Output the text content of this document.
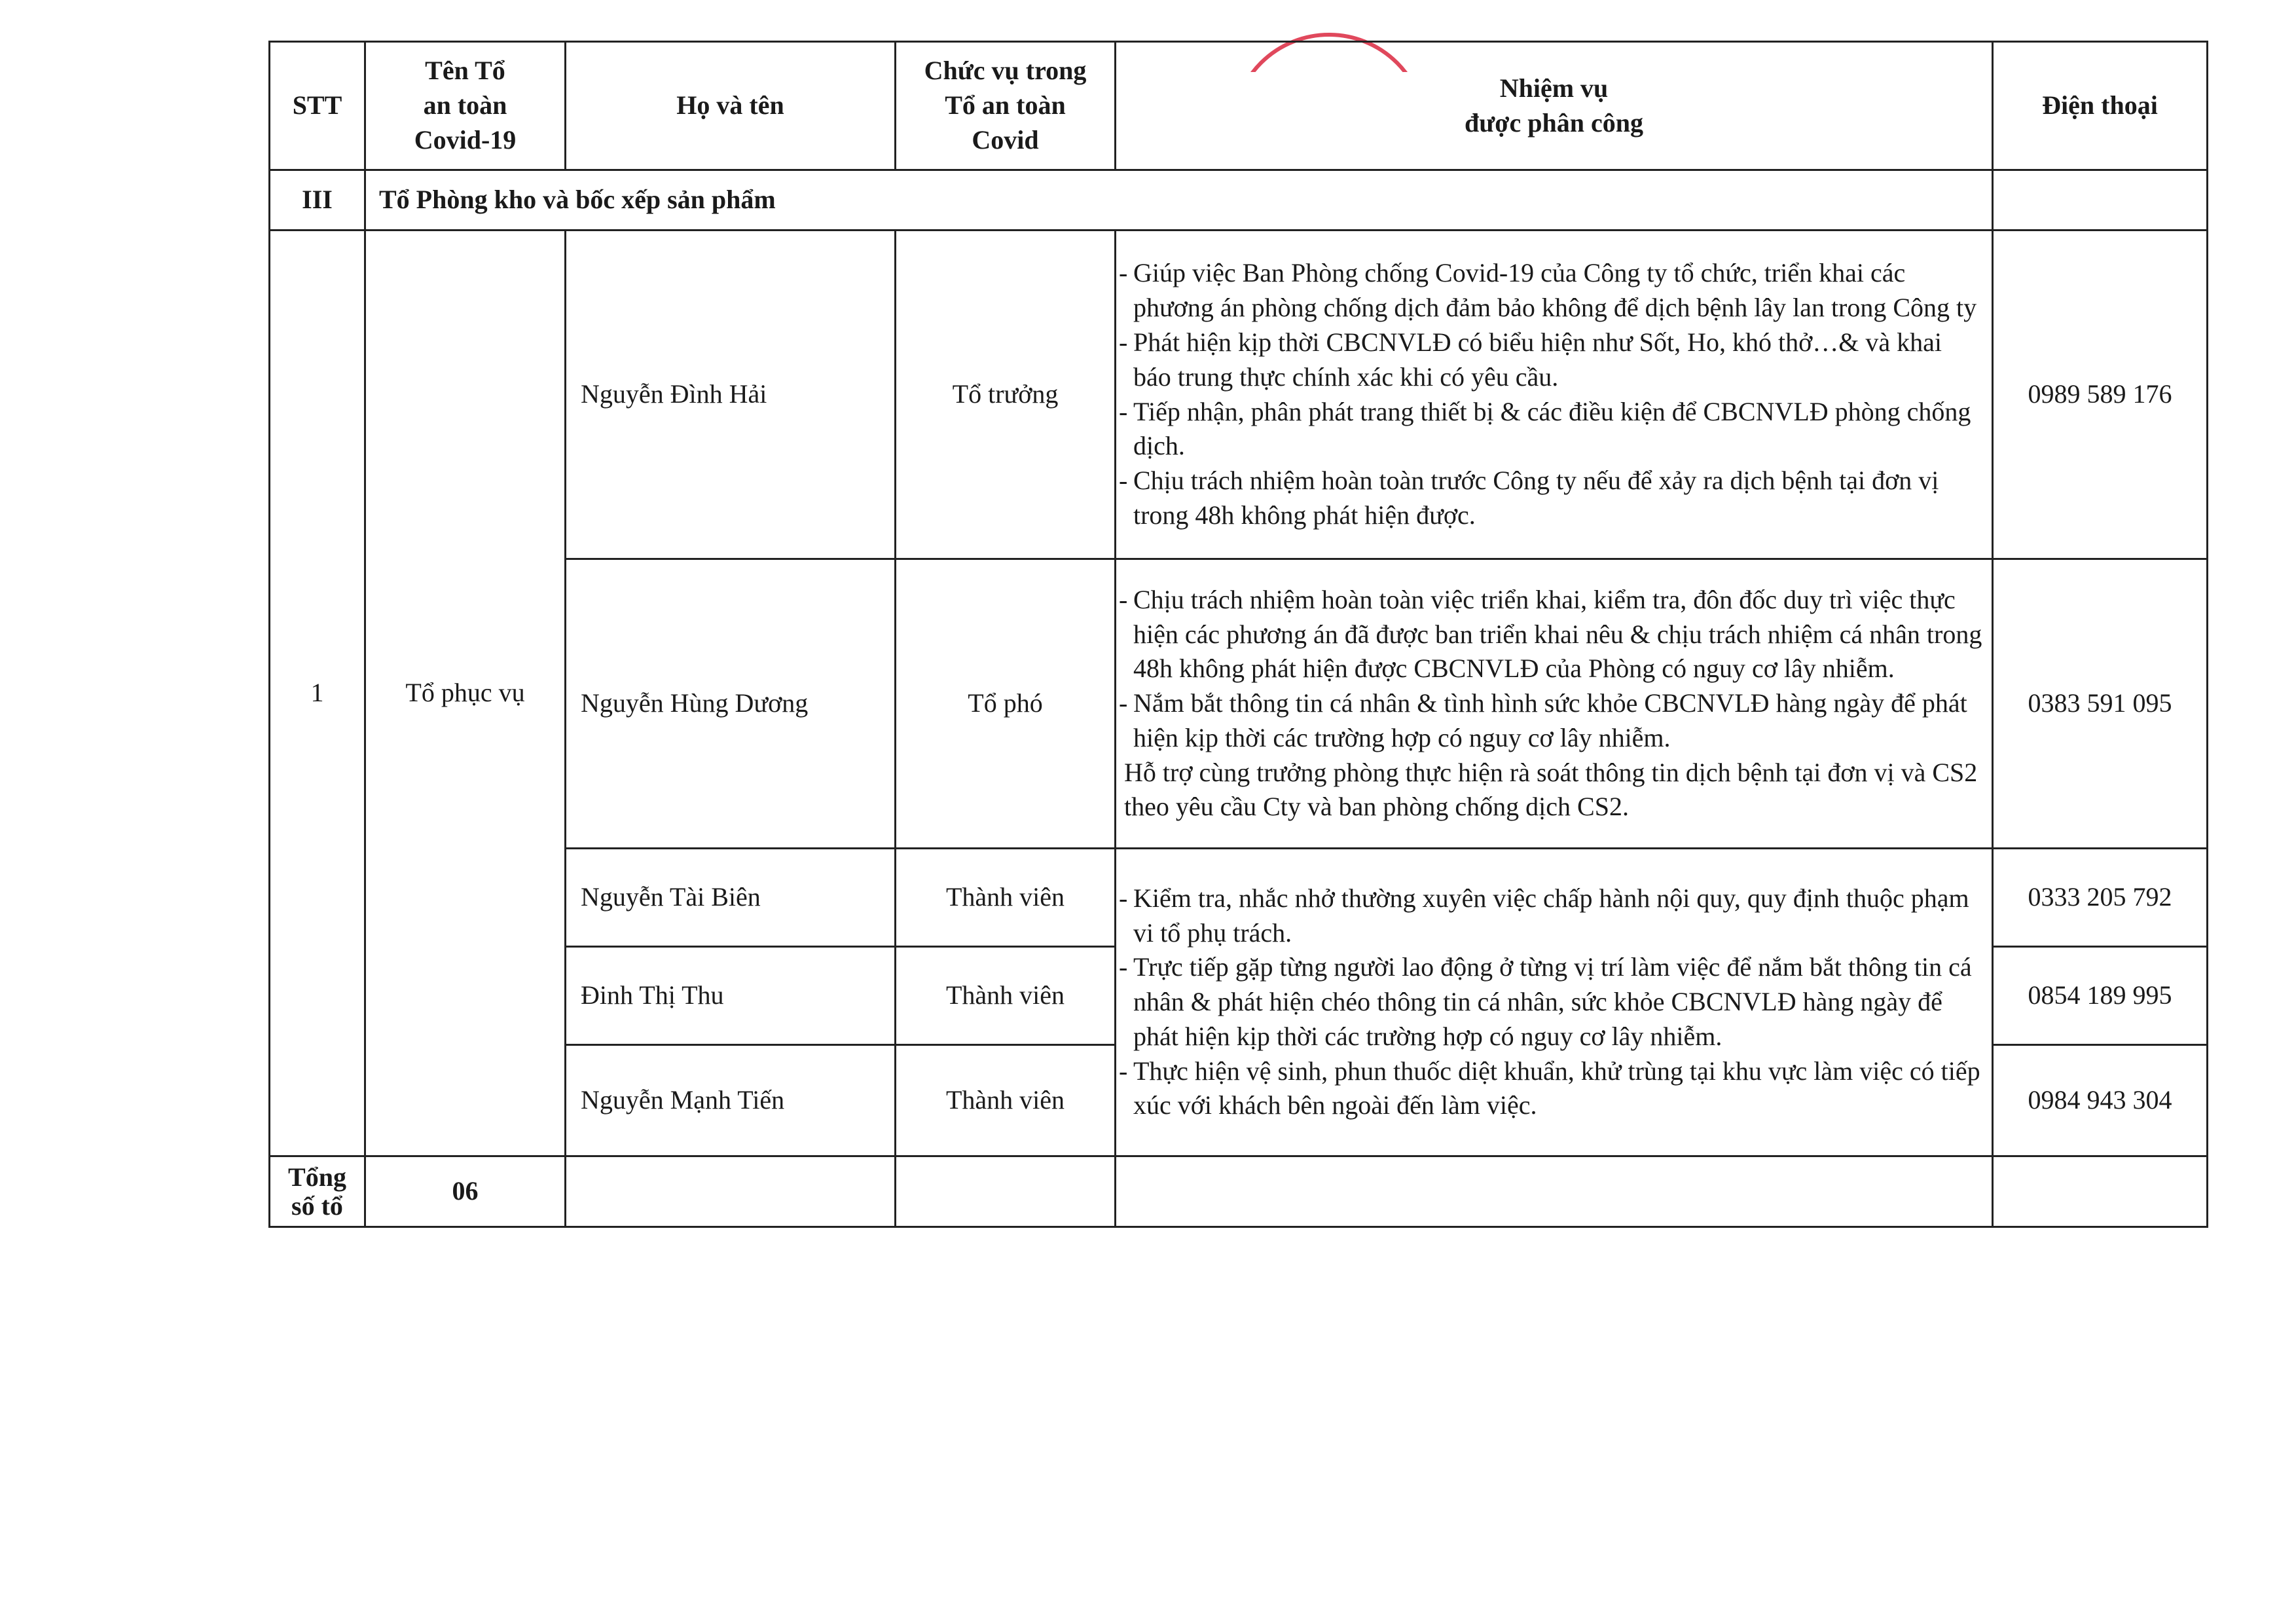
STT	Tên Tổ
an toàn
Covid-19	Họ và tên	Chức vụ trong
Tổ an toàn
Covid	Nhiệm vụ
được phân công	Điện thoại
III	Tổ Phòng kho và bốc xếp sản phẩm				
1	Tổ phục vụ	Nguyễn Đình Hải	Tổ trưởng	- Giúp việc Ban Phòng chống Covid-19 của Công ty tổ chức, triển khai các phương án phòng chống dịch đảm bảo không để dịch bệnh lây lan trong Công ty

- Phát hiện kịp thời CBCNVLĐ có biểu hiện như Sốt, Ho, khó thở…& và khai báo trung thực chính xác khi có yêu cầu.

- Tiếp nhận, phân phát trang thiết bị & các điều kiện để CBCNVLĐ phòng chống dịch.

- Chịu trách nhiệm hoàn toàn trước Công ty nếu để xảy ra dịch bệnh tại đơn vị trong 48h không phát hiện được.	0989 589 176
		Nguyễn Hùng Dương	Tổ phó	- Chịu trách nhiệm hoàn toàn việc triển khai, kiểm tra, đôn đốc duy trì việc thực hiện các phương án đã được ban triển khai nêu & chịu trách nhiệm cá nhân trong 48h không phát hiện được CBCNVLĐ của Phòng có nguy cơ lây nhiễm.

- Nắm bắt thông tin cá nhân & tình hình sức khỏe CBCNVLĐ hàng ngày để phát hiện kịp thời các trường hợp có nguy cơ lây nhiễm.

Hỗ trợ cùng trưởng phòng thực hiện rà soát thông tin dịch bệnh tại đơn vị và CS2 theo yêu cầu Cty và ban phòng chống dịch CS2.	0383 591 095
		Nguyễn Tài Biên	Thành viên	- Kiểm tra, nhắc nhở thường xuyên việc chấp hành nội quy, quy định thuộc phạm vi tổ phụ trách.

- Trực tiếp gặp từng người lao động ở từng vị trí làm việc để nắm bắt thông tin cá nhân & phát hiện chéo thông tin cá nhân, sức khỏe CBCNVLĐ hàng ngày để phát hiện kịp thời các trường hợp có nguy cơ lây nhiễm.

- Thực hiện vệ sinh, phun thuốc diệt khuẩn, khử trùng tại khu vực làm việc có tiếp xúc với khách bên ngoài đến làm việc.	0333 205 792
		Đinh Thị Thu	Thành viên		0854 189 995
		Nguyễn Mạnh Tiến	Thành viên		0984 943 304

Tổng
số tổ	06				
